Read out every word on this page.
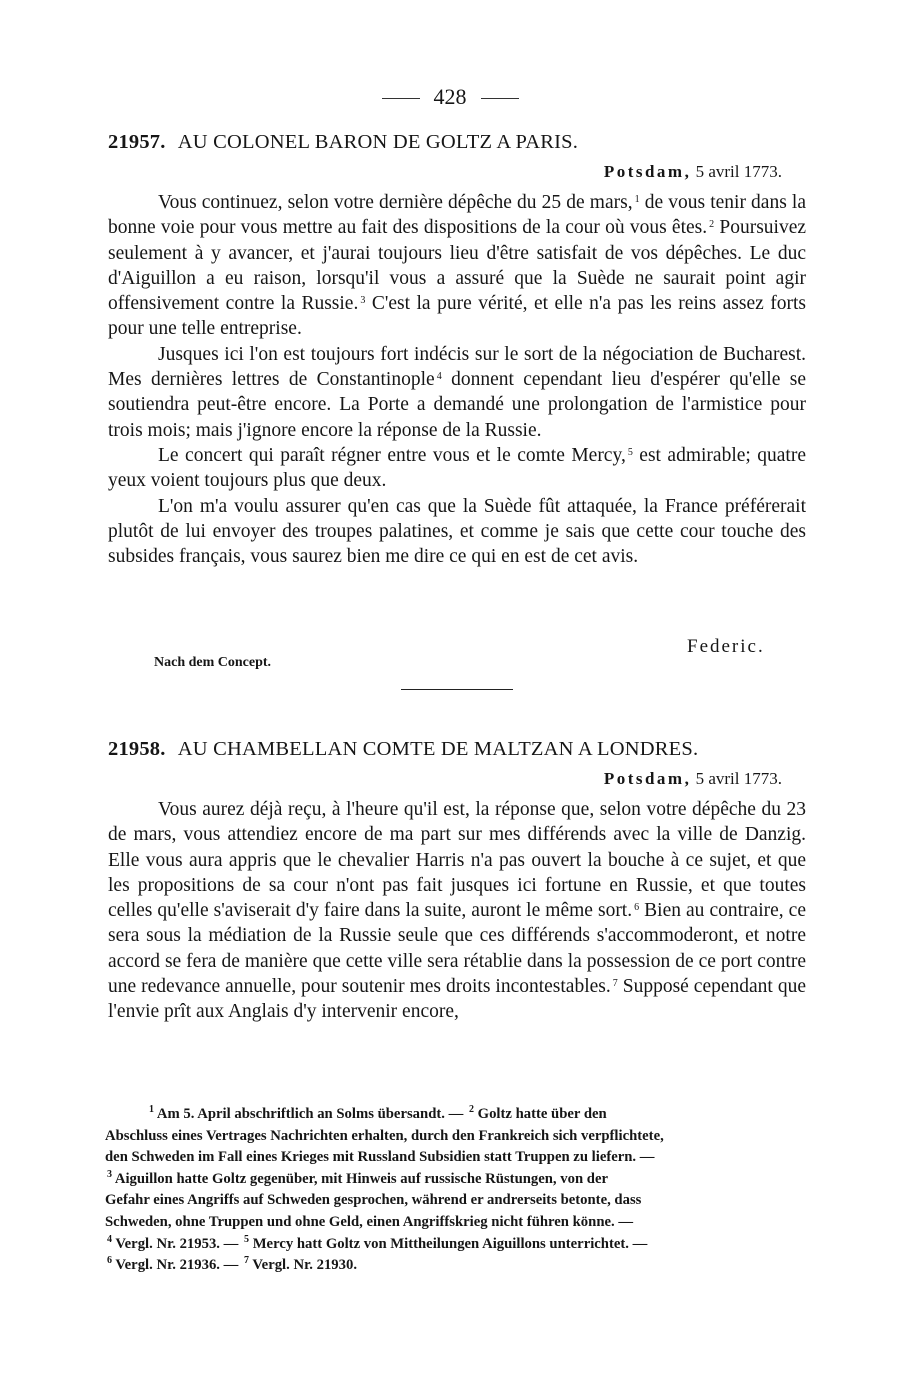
428
21957. AU COLONEL BARON DE GOLTZ A PARIS.
Potsdam, 5 avril 1773.

Vous continuez, selon votre dernière dépêche du 25 de mars, $^1$ de vous tenir dans la bonne voie pour vous mettre au fait des dispositions de la cour où vous êtes. $^2$ Poursuivez seulement à y avancer, et j'aurai toujours lieu d'être satisfait de vos dépêches. Le duc d'Aiguillon a eu raison, lorsqu'il vous a assuré que la Suède ne saurait point agir offensivement contre la Russie. $^3$ C'est la pure vérité, et elle n'a pas les reins assez forts pour une telle entreprise.

Jusques ici l'on est toujours fort indécis sur le sort de la négociation de Bucharest. Mes dernières lettres de Constantinople $^4$ donnent cependant lieu d'espérer qu'elle se soutiendra peut-être encore. La Porte a demandé une prolongation de l'armistice pour trois mois; mais j'ignore encore la réponse de la Russie.

Le concert qui paraît régner entre vous et le comte Mercy, $^5$ est admirable; quatre yeux voient toujours plus que deux.

L'on m'a voulu assurer qu'en cas que la Suède fût attaquée, la France préférerait plutôt de lui envoyer des troupes palatines, et comme je sais que cette cour touche des subsides français, vous saurez bien me dire ce qui en est de cet avis.

Federic.
Nach dem Concept.
21958. AU CHAMBELLAN COMTE DE MALTZAN A LONDRES.
Potsdam, 5 avril 1773.

Vous aurez déjà reçu, à l'heure qu'il est, la réponse que, selon votre dépêche du 23 de mars, vous attendiez encore de ma part sur mes différends avec la ville de Danzig. Elle vous aura appris que le chevalier Harris n'a pas ouvert la bouche à ce sujet, et que les propositions de sa cour n'ont pas fait jusques ici fortune en Russie, et que toutes celles qu'elle s'aviserait d'y faire dans la suite, auront le même sort. $^6$ Bien au contraire, ce sera sous la médiation de la Russie seule que ces différends s'accommoderont, et notre accord se fera de manière que cette ville sera rétablie dans la possession de ce port contre une redevance annuelle, pour soutenir mes droits incontestables. $^7$ Supposé cependant que l'envie prît aux Anglais d'y intervenir encore,

$^1$ Am 5. April abschriftlich an Solms übersandt. — $^2$ Goltz hatte über den
Abschluss eines Vertrages Nachrichten erhalten, durch den Frankreich sich verpflichtete,
den Schweden im Fall eines Krieges mit Russland Subsidien statt Truppen zu liefern. —
$^3$ Aiguillon hatte Goltz gegenüber, mit Hinweis auf russische Rüstungen, von der
Gefahr eines Angriffs auf Schweden gesprochen, während er andrerseits betonte, dass
Schweden, ohne Truppen und ohne Geld, einen Angriffskrieg nicht führen könne. —
$^4$ Vergl. Nr. 21953. — $^5$ Mercy hatt Goltz von Mittheilungen Aiguillons unterrichtet. —
$^6$ Vergl. Nr. 21936. — $^7$ Vergl. Nr. 21930.
